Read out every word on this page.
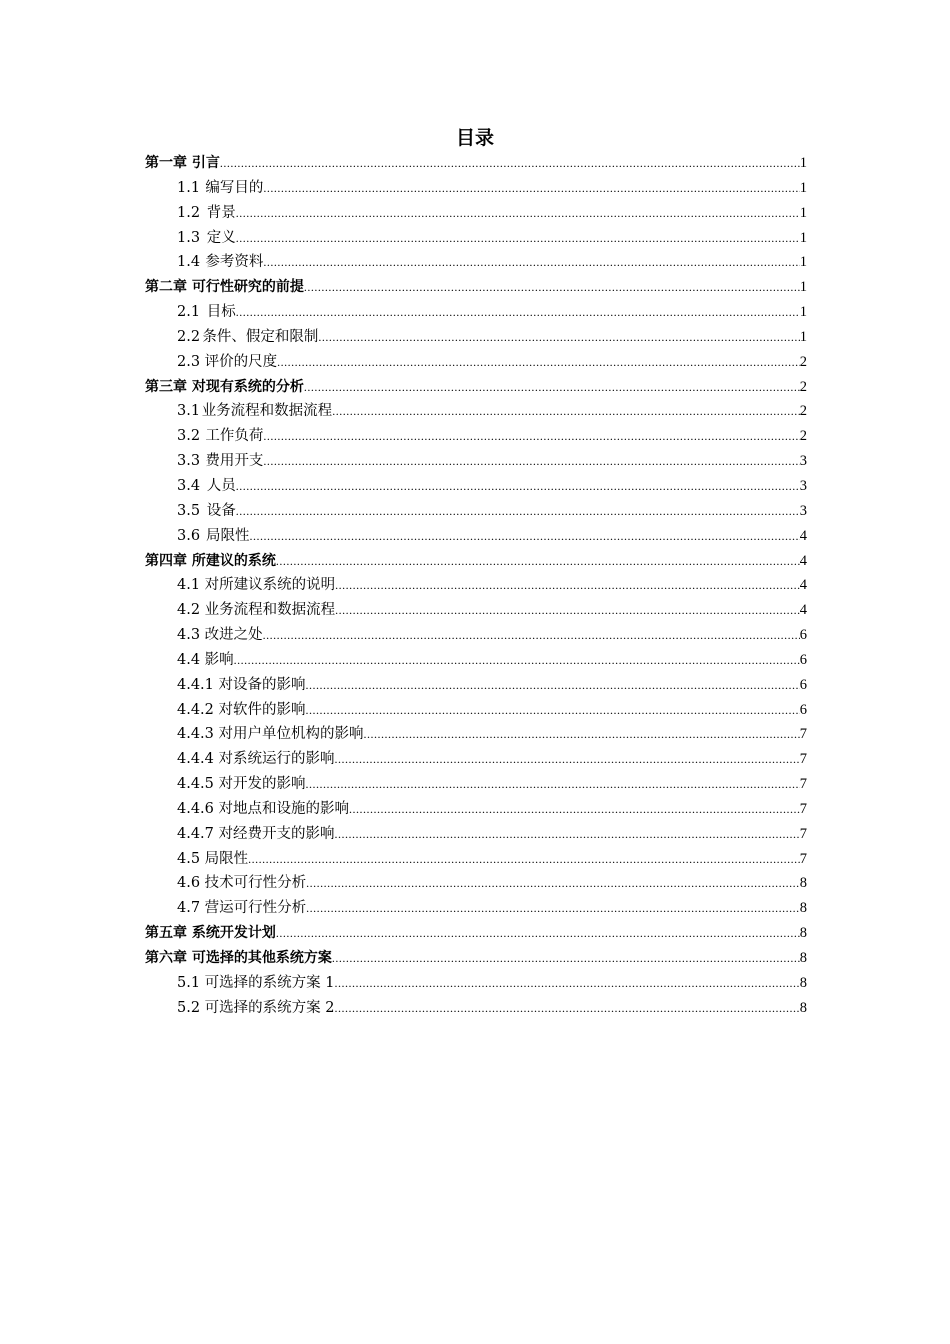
目录
第一章 引言 .....	1
1.1 编写目的 .....	1
1.2 背景 .....	1
1.3 定义 .....	1
1.4 参考资料 .....	1
第二章 可行性研究的前提 .....	1
2.1 目标 .....	1
2.2 条件、假定和限制 .....	1
2.3 评价的尺度 .....	2
第三章 对现有系统的分析 .....	2
3.1 业务流程和数据流程 .....	2
3.2 工作负荷 .....	2
3.3 费用开支 .....	3
3.4 人员 .....	3
3.5 设备 .....	3
3.6 局限性 .....	4
第四章 所建议的系统 .....	4
4.1 对所建议系统的说明 .....	4
4.2 业务流程和数据流程 .....	4
4.3 改进之处 .....	6
4.4 影响 .....	6
4.4.1 对设备的影响 .....	6
4.4.2 对软件的影响 .....	6
4.4.3 对用户单位机构的影响 .....	7
4.4.4 对系统运行的影响 .....	7
4.4.5 对开发的影响 .....	7
4.4.6 对地点和设施的影响 .....	7
4.4.7 对经费开支的影响 .....	7
4.5 局限性 .....	7
4.6 技术可行性分析 .....	8
4.7 营运可行性分析 .....	8
第五章 系统开发计划 .....	8
第六章 可选择的其他系统方案 .....	8
5.1 可选择的系统方案 1 .....	8
5.2 可选择的系统方案 2 .....	8
